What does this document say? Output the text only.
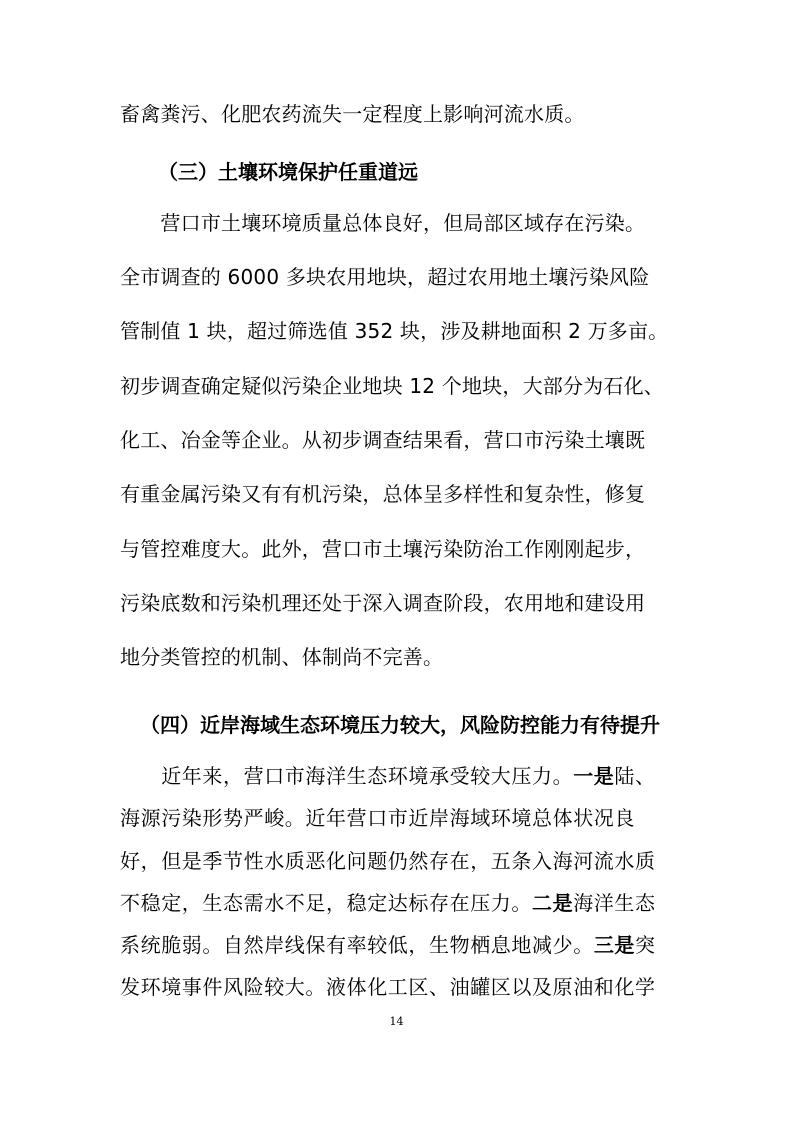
畜禽粪污、化肥农药流失一定程度上影响河流水质。
（三）土壤环境保护任重道远
　　营口市土壤环境质量总体良好，但局部区域存在污染。
全市调查的 6000 多块农用地块，超过农用地土壤污染风险
管制值 1 块，超过筛选值 352 块，涉及耕地面积 2 万多亩。
初步调查确定疑似污染企业地块 12 个地块，大部分为石化、
化工、冶金等企业。从初步调查结果看，营口市污染土壤既
有重金属污染又有有机污染，总体呈多样性和复杂性，修复
与管控难度大。此外，营口市土壤污染防治工作刚刚起步，
污染底数和污染机理还处于深入调查阶段，农用地和建设用
地分类管控的机制、体制尚不完善。
（四）近岸海域生态环境压力较大，风险防控能力有待提升
　　近年来，营口市海洋生态环境承受较大压力。一是陆、
海源污染形势严峻。近年营口市近岸海域环境总体状况良
好，但是季节性水质恶化问题仍然存在，五条入海河流水质
不稳定，生态需水不足，稳定达标存在压力。二是海洋生态
系统脆弱。自然岸线保有率较低，生物栖息地减少。三是突
发环境事件风险较大。液体化工区、油罐区以及原油和化学
14
